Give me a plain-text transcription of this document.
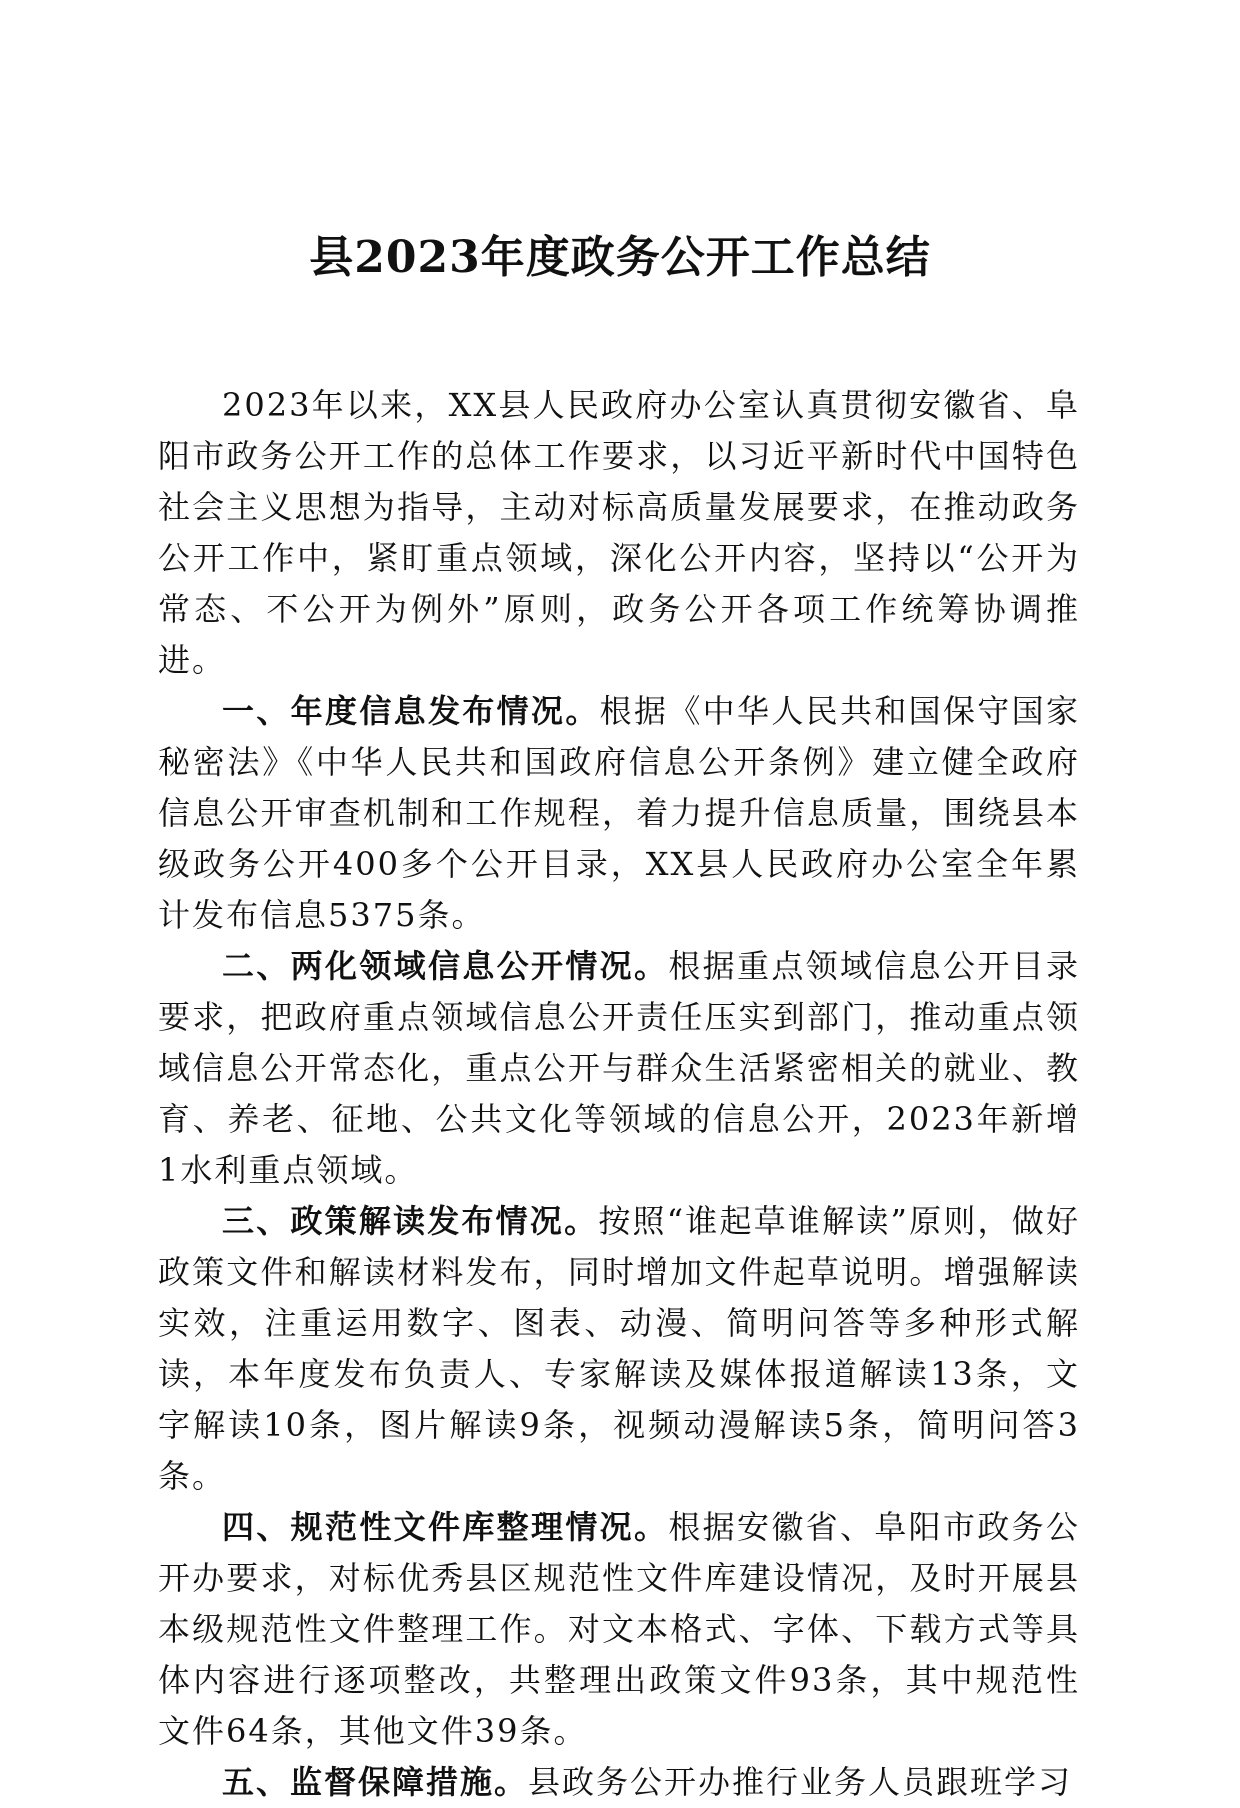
县2023年度政务公开工作总结

2023年以来，XX县人民政府办公室认真贯彻安徽省、阜阳市政务公开工作的总体工作要求，以习近平新时代中国特色社会主义思想为指导，主动对标高质量发展要求，在推动政务公开工作中，紧盯重点领域，深化公开内容，坚持以“公开为常态、不公开为例外”原则，政务公开各项工作统筹协调推进。

一、年度信息发布情况。根据《中华人民共和国保守国家秘密法》《中华人民共和国政府信息公开条例》建立健全政府信息公开审查机制和工作规程，着力提升信息质量，围绕县本级政务公开400多个公开目录，XX县人民政府办公室全年累计发布信息5375条。

二、两化领域信息公开情况。根据重点领域信息公开目录要求，把政府重点领域信息公开责任压实到部门，推动重点领域信息公开常态化，重点公开与群众生活紧密相关的就业、教育、养老、征地、公共文化等领域的信息公开，2023年新增1水利重点领域。

三、政策解读发布情况。按照“谁起草谁解读”原则，做好政策文件和解读材料发布，同时增加文件起草说明。增强解读实效，注重运用数字、图表、动漫、简明问答等多种形式解读，本年度发布负责人、专家解读及媒体报道解读13条，文字解读10条，图片解读9条，视频动漫解读5条，简明问答3条。

四、规范性文件库整理情况。根据安徽省、阜阳市政务公开办要求，对标优秀县区规范性文件库建设情况，及时开展县本级规范性文件整理工作。对文本格式、字体、下载方式等具体内容进行逐项整改，共整理出政策文件93条，其中规范性文件64条，其他文件39条。

五、监督保障措施。县政务公开办推行业务人员跟班学习
